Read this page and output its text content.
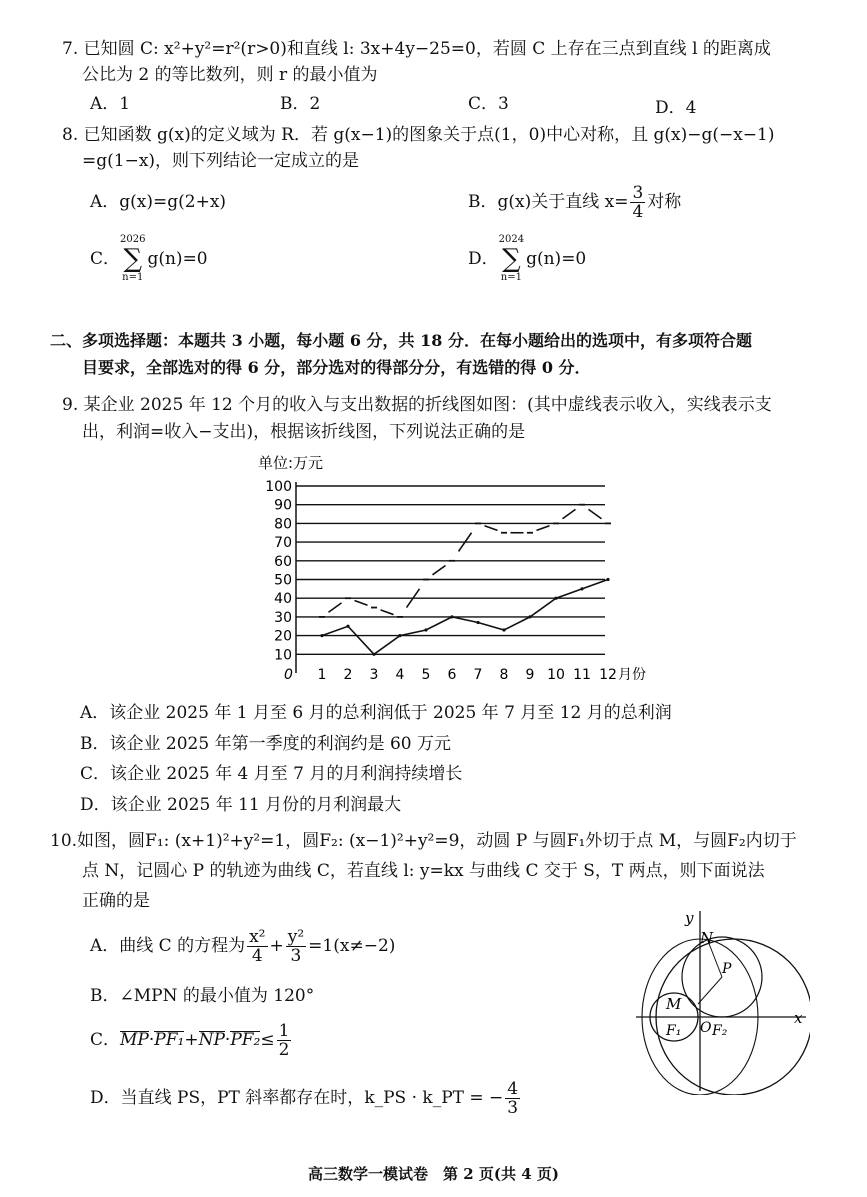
7. 已知圆 C: x²+y²=r²(r>0)和直线 l: 3x+4y−25=0，若圆 C 上存在三点到直线 l 的距离成
公比为 2 的等比数列，则 r 的最小值为
A．1	B．2	C．3	D．4
8. 已知函数 g(x)的定义域为 R．若 g(x−1)的图象关于点(1，0)中心对称，且 g(x)−g(−x−1)
=g(1−x)，则下列结论一定成立的是
A．g(x)=g(2+x)	B．g(x)关于直线 $x= \frac{3}{4}$ 对称
C．
2026
∑
n=1
g(n)=0	D．
2024
∑
n=1
g(n)=0
二、多项选择题：本题共 3 小题，每小题 6 分，共 18 分．在每小题给出的选项中，有多项符合题
目要求，全部选对的得 6 分，部分选对的得部分分，有选错的得 0 分．
9. 某企业 2025 年 12 个月的收入与支出数据的折线图如图：(其中虚线表示收入，实线表示支
出，利润=收入−支出)，根据该折线图，下列说法正确的是
单位:万元
10
20
30
40
50
60
70
80
90
100
0 1 2 3 4 5 6 7 8 9 10 11 12 月份
A．该企业 2025 年 1 月至 6 月的总利润低于 2025 年 7 月至 12 月的总利润
B．该企业 2025 年第一季度的利润约是 60 万元
C．该企业 2025 年 4 月至 7 月的月利润持续增长
D．该企业 2025 年 11 月份的月利润最大
10.如图，圆F₁: (x+1)²+y²=1，圆F₂: (x−1)²+y²=9，动圆 P 与圆F₁外切于点 M，与圆F₂内切于
点 N，记圆心 P 的轨迹为曲线 C，若直线 l: y=kx 与曲线 C 交于 S，T 两点，则下面说法
正确的是
A．曲线 C 的方程为 $\frac{\text{x²}}{4} + \frac{\text{y²}}{3} =1(x\ne-2)$
B．∠MPN 的最小值为 120°
C．$MP\cdot PF_1+NP\cdot PF_2\le \frac{1}{2}$
D．当直线 PS，PT 斜率都存在时，k_PS · k_PT = − $\frac{4}{3}$
y
x
N
P
M
F₁ O F₂
高三数学一模试卷　第 2 页(共 4 页)
